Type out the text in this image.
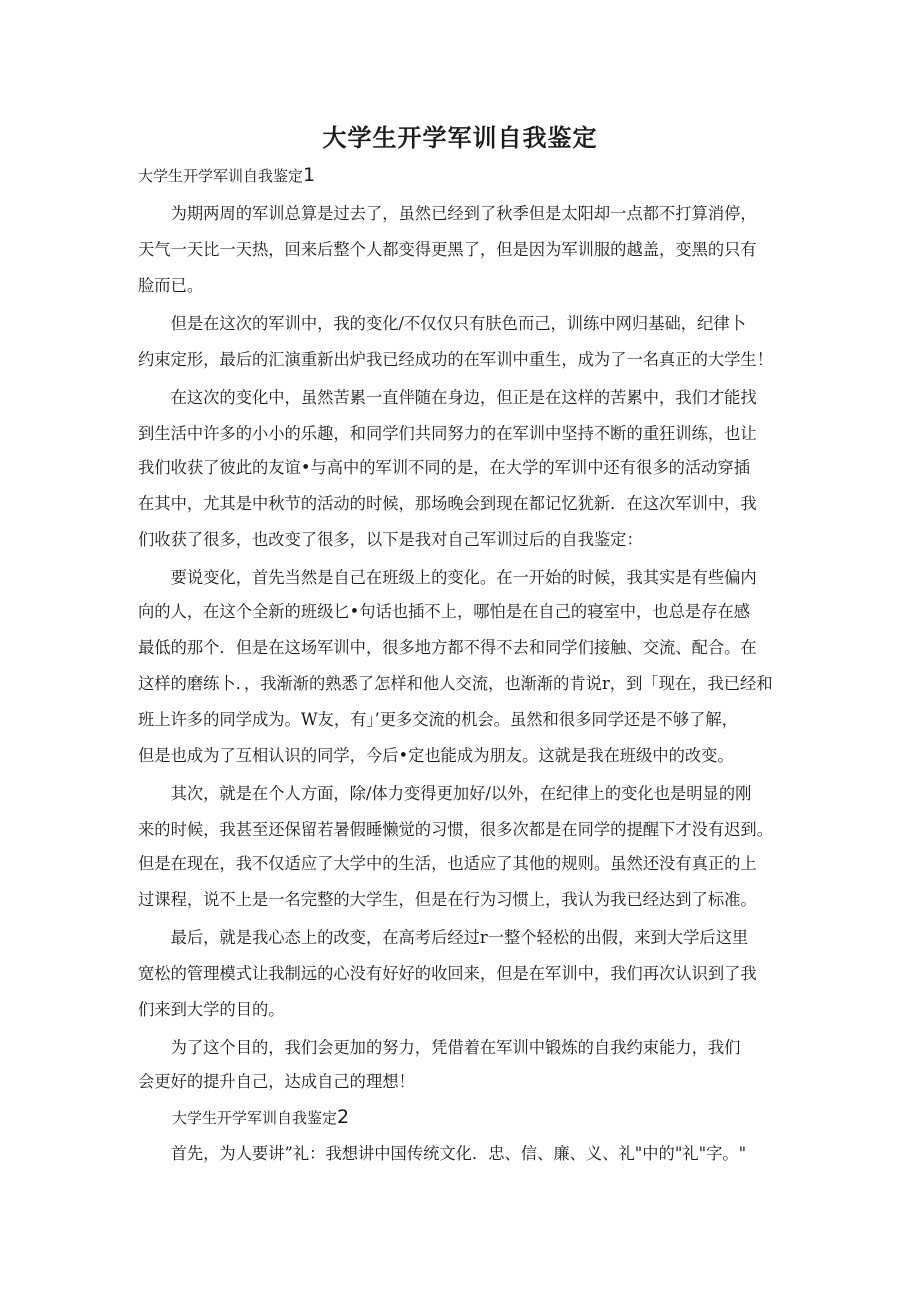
大学生开学军训自我鉴定
大学生开学军训自我鉴定1
　　为期两周的军训总算是过去了，虽然已经到了秋季但是太阳却一点都不打算消停，
天气一天比一天热，回来后整个人都变得更黑了，但是因为军训服的越盖，变黑的只有
脸而已。
　　但是在这次的军训中，我的变化/不仅仅只有肤色而己，训练中网归基础，纪律卜
约束定形，最后的汇演重新出炉我已经成功的在军训中重生，成为了一名真正的大学生！
　　在这次的变化中，虽然苦累一直伴随在身边，但正是在这样的苦累中，我们才能找
到生活中许多的小小的乐趣，和同学们共同努力的在军训中坚持不断的重狂训练，也让
我们收获了彼此的友谊•与高中的军训不同的是，在大学的军训中还有很多的活动穿插
在其中，尤其是中秋节的活动的时候，那场晚会到现在都记忆犹新．在这次军训中，我
们收获了很多，也改变了很多，以下是我对自己军训过后的自我鉴定：
　　要说变化，首先当然是自己在班级上的变化。在一开始的时候，我其实是有些偏内
向的人，在这个全新的班级匕•句话也插不上，哪怕是在自己的寝室中，也总是存在感
最低的那个．但是在这场军训中，很多地方都不得不去和同学们接触、交流、配合。在
这样的磨练卜．，我渐渐的熟悉了怎样和他人交流，也渐渐的肯说r，到「现在，我已经和
班上许多的同学成为。W友，有」’更多交流的机会。虽然和很多同学还是不够了解，
但是也成为了互相认识的同学，今后•定也能成为朋友。这就是我在班级中的改变。
　　其次，就是在个人方面，除/体力变得更加好/以外，在纪律上的变化也是明显的刚
来的时候，我甚至还保留若暑假睡懒觉的习惯，很多次都是在同学的提醒下才没有迟到。
但是在现在，我不仅适应了大学中的生活，也适应了其他的规则。虽然还没有真正的上
过课程，说不上是一名完整的大学生，但是在行为习惯上，我认为我已经达到了标准。
　　最后，就是我心态上的改变，在高考后经过r一整个轻松的出假，来到大学后这里
宽松的管理模式让我制远的心没有好好的收回来，但是在军训中，我们再次认识到了我
们来到大学的目的。
　　为了这个目的，我们会更加的努力，凭借着在军训中锻炼的自我约束能力，我们
会更好的提升自己，达成自己的理想！
大学生开学军训自我鉴定2
　　首先，为人要讲”礼：我想讲中国传统文化．忠、信、廉、义、礼"中的"礼"字。"
